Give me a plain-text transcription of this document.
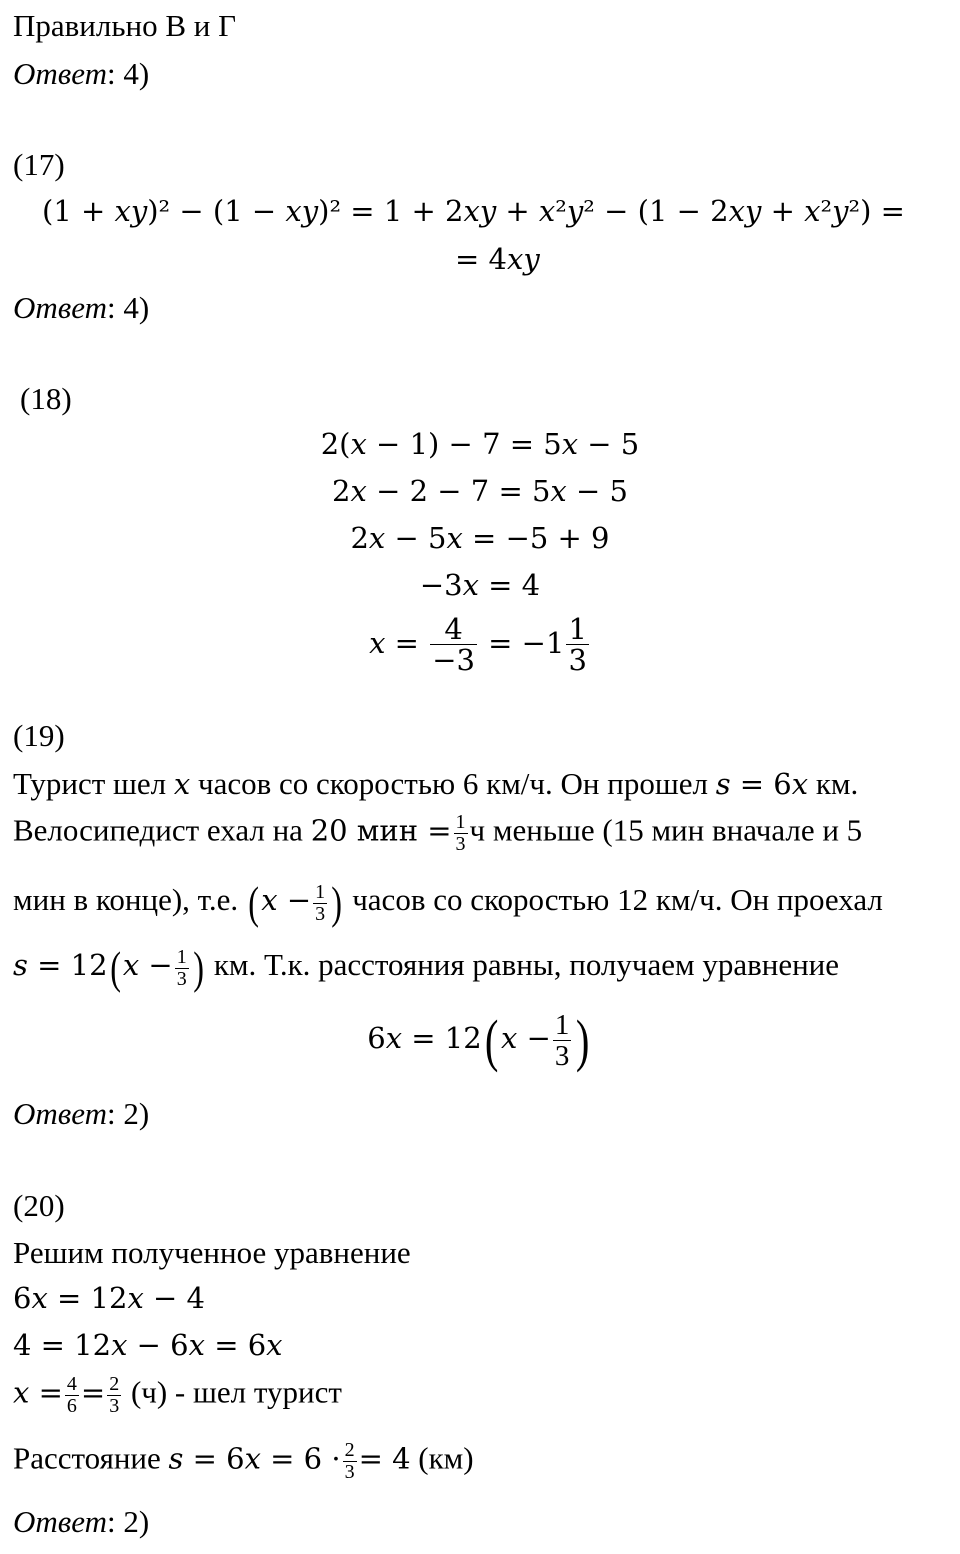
Правильно В и Г
Ответ: 4)
(17)
(1 + 𝑥𝑦)² − (1 − 𝑥𝑦)² = 1 + 2𝑥𝑦 + 𝑥²𝑦² − (1 − 2𝑥𝑦 + 𝑥²𝑦²) =
= 4𝑥𝑦
Ответ: 4)
(18)
2(𝑥 − 1) − 7 = 5𝑥 − 5
2𝑥 − 2 − 7 = 5𝑥 − 5
2𝑥 − 5𝑥 = −5 + 9
−3𝑥 = 4
𝑥 = $\frac{4}{-3} = -1 \frac{1}{3}$
(19)
Турист шел 𝑥 часов со скоростью 6 км/ч. Он прошел 𝑠 = 6𝑥 км.
Велосипедист ехал на 20 мин = $\frac{1}{3}$ ч меньше (15 мин вначале и 5
мин в конце), т.е. (𝑥 − $\frac{1}{3}$ ) часов со скоростью 12 км/ч. Он проехал
𝑠 = 12(𝑥 − $\frac{1}{3}$ ) км. Т.к. расстояния равны, получаем уравнение
6𝑥 = 12(𝑥 − $\frac{1}{3}$ )
Ответ: 2)
(20)
Решим полученное уравнение
6𝑥 = 12𝑥 − 4
4 = 12𝑥 − 6𝑥 = 6𝑥
𝑥 = $\frac{4}{6} = \frac{2}{3} (ч)$ - шел турист
Расстояние 𝑠 = 6𝑥 = $6 \cdot \frac{2}{3} = 4$ (км)
Ответ: 2)
